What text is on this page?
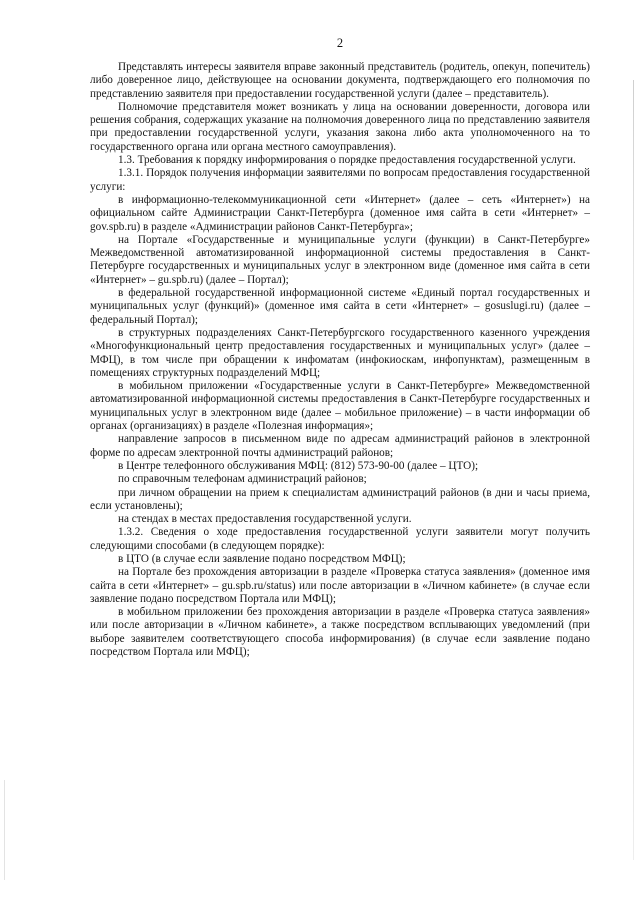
2

Представлять интересы заявителя вправе законный представитель (родитель, опекун, попечитель) либо доверенное лицо, действующее на основании документа, подтверждающего его полномочия по представлению заявителя при предоставлении государственной услуги (далее – представитель).

Полномочие представителя может возникать у лица на основании доверенности, договора или решения собрания, содержащих указание на полномочия доверенного лица по представлению заявителя при предоставлении государственной услуги, указания закона либо акта уполномоченного на то государственного органа или органа местного самоуправления).

1.3. Требования к порядку информирования о порядке предоставления государственной услуги.

1.3.1. Порядок получения информации заявителями по вопросам предоставления государственной услуги:

в информационно-телекоммуникационной сети «Интернет» (далее – сеть «Интернет») на официальном сайте Администрации Санкт-Петербурга (доменное имя сайта в сети «Интернет» – gov.spb.ru) в разделе «Администрации районов Санкт-Петербурга»;

на Портале «Государственные и муниципальные услуги (функции) в Санкт-Петербурге» Межведомственной автоматизированной информационной системы предоставления в Санкт-Петербурге государственных и муниципальных услуг в электронном виде (доменное имя сайта в сети «Интернет» – gu.spb.ru) (далее – Портал);

в федеральной государственной информационной системе «Единый портал государственных и муниципальных услуг (функций)» (доменное имя сайта в сети «Интернет» – gosuslugi.ru) (далее – федеральный Портал);

в структурных подразделениях Санкт-Петербургского государственного казенного учреждения «Многофункциональный центр предоставления государственных и муниципальных услуг» (далее – МФЦ), в том числе при обращении к инфоматам (инфокиоскам, инфопунктам), размещенным в помещениях структурных подразделений МФЦ;

в мобильном приложении «Государственные услуги в Санкт-Петербурге» Межведомственной автоматизированной информационной системы предоставления в Санкт-Петербурге государственных и муниципальных услуг в электронном виде (далее – мобильное приложение) – в части информации об органах (организациях) в разделе «Полезная информация»;

направление запросов в письменном виде по адресам администраций районов в электронной форме по адресам электронной почты администраций районов;

в Центре телефонного обслуживания МФЦ: (812) 573-90-00 (далее – ЦТО);

по справочным телефонам администраций районов;

при личном обращении на прием к специалистам администраций районов (в дни и часы приема, если установлены);

на стендах в местах предоставления государственной услуги.

1.3.2. Сведения о ходе предоставления государственной услуги заявители могут получить следующими способами (в следующем порядке):

в ЦТО (в случае если заявление подано посредством МФЦ);

на Портале без прохождения авторизации в разделе «Проверка статуса заявления» (доменное имя сайта в сети «Интернет» – gu.spb.ru/status) или после авторизации в «Личном кабинете» (в случае если заявление подано посредством Портала или МФЦ);

в мобильном приложении без прохождения авторизации в разделе «Проверка статуса заявления» или после авторизации в «Личном кабинете», а также посредством всплывающих уведомлений (при выборе заявителем соответствующего способа информирования) (в случае если заявление подано посредством Портала или МФЦ);
